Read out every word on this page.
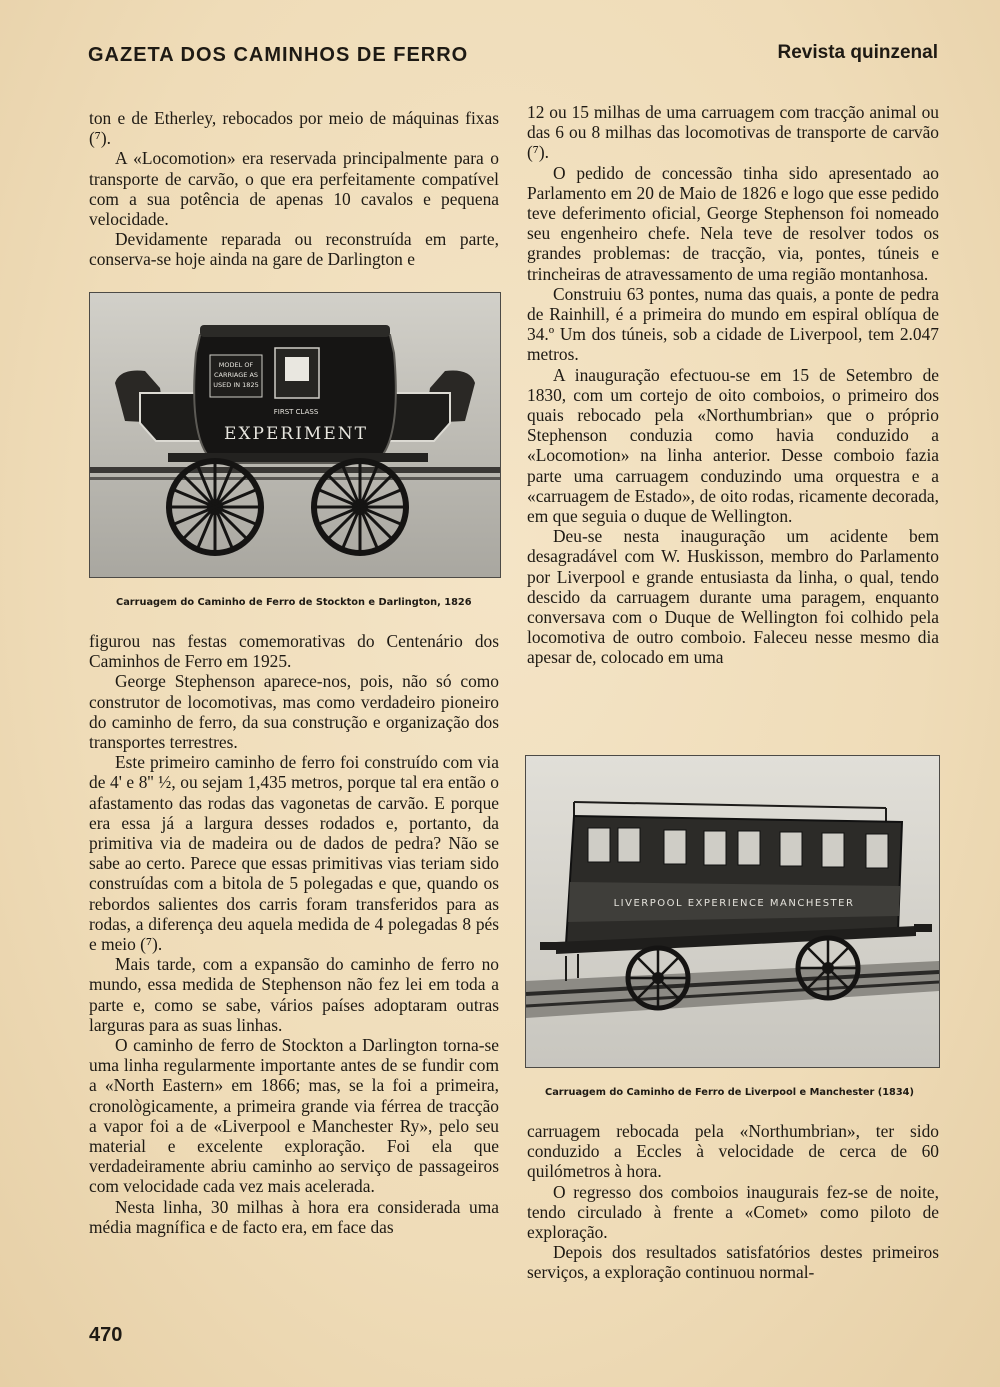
GAZETA DOS CAMINHOS DE FERRO	Revista quinzenal

ton e de Etherley, rebocados por meio de máquinas fixas (⁷).

A «Locomotion» era reservada principalmente para o transporte de carvão, o que era perfeitamente compatível com a sua potência de apenas 10 cavalos e pequena velocidade.

Devidamente reparada ou reconstruída em parte, conserva-se hoje ainda na gare de Darlington e

MODEL OF
CARRIAGE AS
USED IN 1825
FIRST CLASS
EXPERIMENT
Carruagem do Caminho de Ferro de Stockton e Darlington, 1826

figurou nas festas comemorativas do Centenário dos Caminhos de Ferro em 1925.

George Stephenson aparece-nos, pois, não só como construtor de locomotivas, mas como verdadeiro pioneiro do caminho de ferro, da sua construção e organização dos transportes terrestres.

Este primeiro caminho de ferro foi construído com via de 4' e 8'' ½, ou sejam 1,435 metros, porque tal era então o afastamento das rodas das vagonetas de carvão. E porque era essa já a largura desses rodados e, portanto, da primitiva via de madeira ou de dados de pedra? Não se sabe ao certo. Parece que essas primitivas vias teriam sido construídas com a bitola de 5 polegadas e que, quando os rebordos salientes dos carris foram transferidos para as rodas, a diferença deu aquela medida de 4 polegadas 8 pés e meio (⁷).

Mais tarde, com a expansão do caminho de ferro no mundo, essa medida de Stephenson não fez lei em toda a parte e, como se sabe, vários países adoptaram outras larguras para as suas linhas.

O caminho de ferro de Stockton a Darlington torna-se uma linha regularmente importante antes de se fundir com a «North Eastern» em 1866; mas, se la foi a primeira, cronològicamente, a primeira grande via férrea de tracção a vapor foi a de «Liverpool e Manchester Ry», pelo seu material e excelente exploração. Foi ela que verdadeiramente abriu caminho ao serviço de passageiros com velocidade cada vez mais acelerada.

Nesta linha, 30 milhas à hora era considerada uma média magnífica e de facto era, em face das

12 ou 15 milhas de uma carruagem com tracção animal ou das 6 ou 8 milhas das locomotivas de transporte de carvão (⁷).

O pedido de concessão tinha sido apresentado ao Parlamento em 20 de Maio de 1826 e logo que esse pedido teve deferimento oficial, George Stephenson foi nomeado seu engenheiro chefe. Nela teve de resolver todos os grandes problemas: de tracção, via, pontes, túneis e trincheiras de atravessamento de uma região montanhosa.

Construiu 63 pontes, numa das quais, a ponte de pedra de Rainhill, é a primeira do mundo em espiral oblíqua de 34.º Um dos túneis, sob a cidade de Liverpool, tem 2.047 metros.

A inauguração efectuou-se em 15 de Setembro de 1830, com um cortejo de oito comboios, o primeiro dos quais rebocado pela «Northumbrian» que o próprio Stephenson conduzia como havia conduzido a «Locomotion» na linha anterior. Desse comboio fazia parte uma carruagem conduzindo uma orquestra e a «carruagem de Estado», de oito rodas, ricamente decorada, em que seguia o duque de Wellington.

Deu-se nesta inauguração um acidente bem desagradável com W. Huskisson, membro do Parlamento por Liverpool e grande entusiasta da linha, o qual, tendo descido da carruagem durante uma paragem, enquanto conversava com o Duque de Wellington foi colhido pela locomotiva de outro comboio. Faleceu nesse mesmo dia apesar de, colocado em uma

LIVERPOOL EXPERIENCE MANCHESTER
Carruagem do Caminho de Ferro de Liverpool e Manchester (1834)

carruagem rebocada pela «Northumbrian», ter sido conduzido a Eccles à velocidade de cerca de 60 quilómetros à hora.

O regresso dos comboios inaugurais fez-se de noite, tendo circulado à frente a «Comet» como piloto de exploração.

Depois dos resultados satisfatórios destes primeiros serviços, a exploração continuou normal-

470
